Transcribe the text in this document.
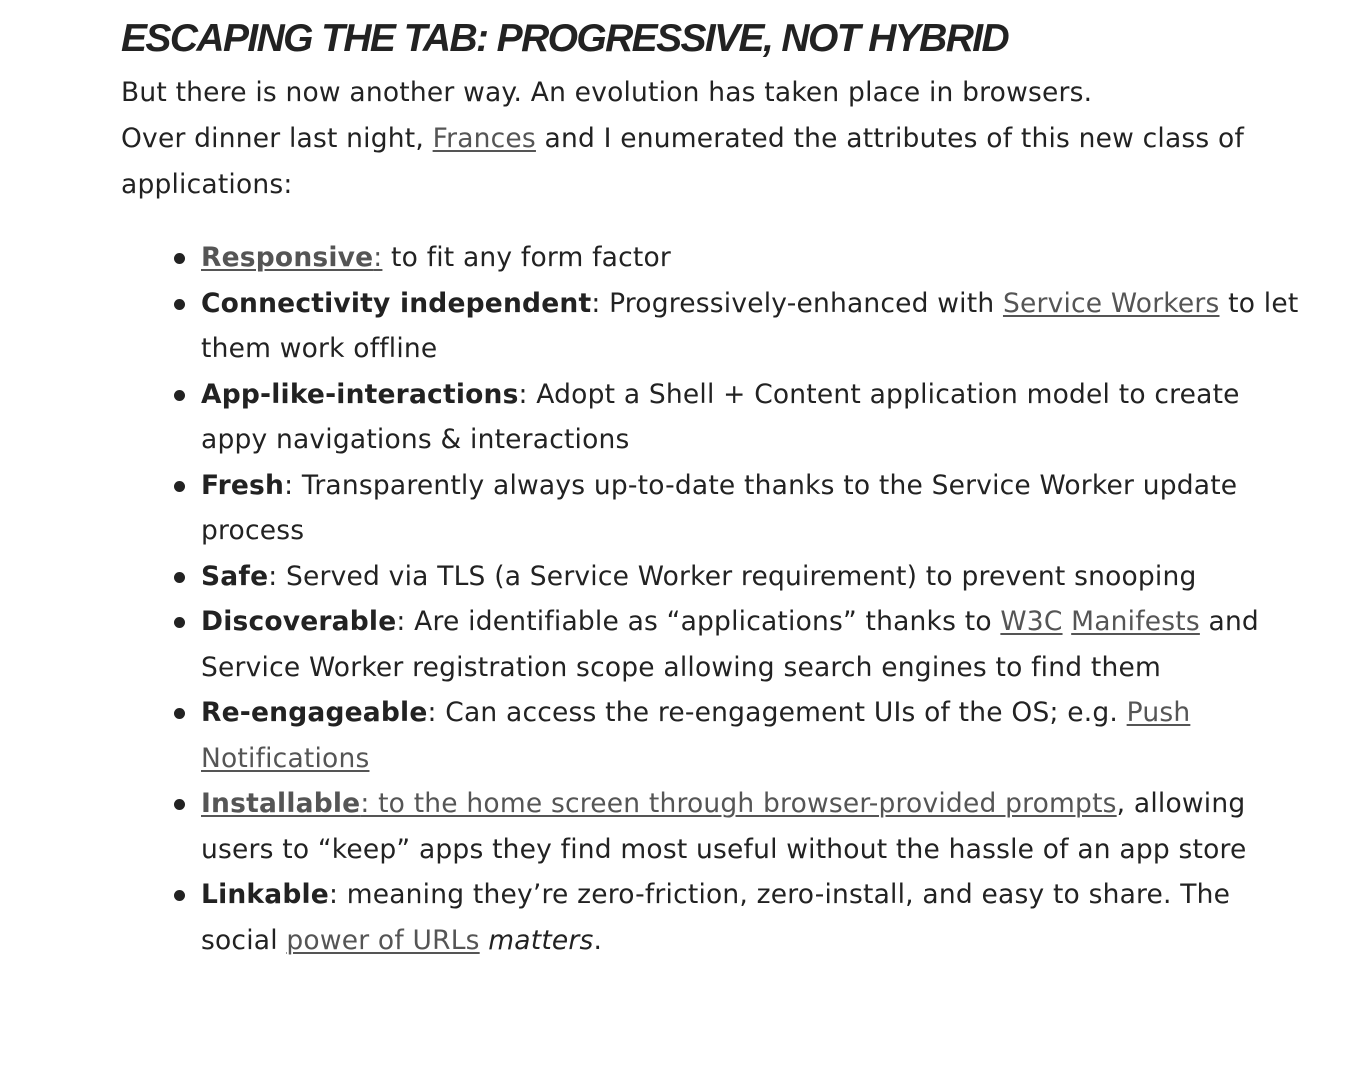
ESCAPING THE TAB: PROGRESSIVE, NOT HYBRID

But there is now another way. An evolution has taken place in browsers.

Over dinner last night, Frances and I enumerated the attributes of this new class of applications:

Responsive: to fit any form factor
Connectivity independent: Progressively-enhanced with Service Workers to let them work offline
App-like-interactions: Adopt a Shell + Content application model to create appy navigations & interactions
Fresh: Transparently always up-to-date thanks to the Service Worker update process
Safe: Served via TLS (a Service Worker requirement) to prevent snooping
Discoverable: Are identifiable as “applications” thanks to W3C Manifests and Service Worker registration scope allowing search engines to find them
Re-engageable: Can access the re-engagement UIs of the OS; e.g. Push Notifications
Installable: to the home screen through browser-provided prompts, allowing users to “keep” apps they find most useful without the hassle of an app store
Linkable: meaning they’re zero-friction, zero-install, and easy to share. The social power of URLs matters.
